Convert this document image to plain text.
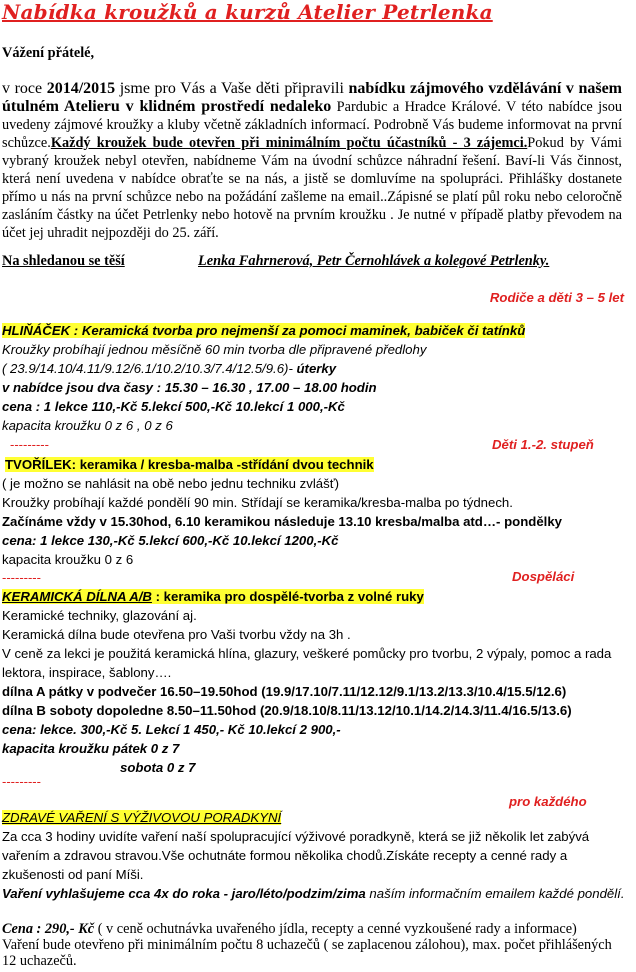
Nabídka kroužků a kurzů Atelier Petrlenka
Vážení přátelé,
v roce 2014/2015 jsme pro Vás a Vaše děti připravili nabídku zájmového vzdělávání v našem útulném Atelieru v klidném prostředí nedaleko Pardubic a Hradce Králové. V této nabídce jsou uvedeny zájmové kroužky a kluby včetně základních informací. Podrobně Vás budeme informovat na první schůzce.Každý kroužek bude otevřen při minimálním počtu účastníků - 3 zájemci.Pokud by Vámi vybraný kroužek nebyl otevřen, nabídneme Vám na úvodní schůzce náhradní řešení. Baví-li Vás činnost, která není uvedena v nabídce obraťte se na nás, a jistě se domluvíme na spolupráci. Přihlášky dostanete přímo u nás na první schůzce nebo na požádání zašleme na email..Zápisné se platí půl roku nebo celoročně zasláním částky na účet Petrlenky nebo hotově na prvním kroužku . Je nutné v případě platby převodem na účet jej uhradit nejpozději do 25. září.
Na shledanou se těší	Lenka Fahrnerová, Petr Černohlávek a kolegové Petrlenky.
Rodiče a děti 3 – 5 let
HLIŇÁČEK : Keramická tvorba pro nejmenší za pomoci maminek, babiček či tatínků
Kroužky probíhají jednou měsíčně 60 min tvorba dle připravené předlohy
( 23.9/14.10/4.11/9.12/6.1/10.2/10.3/7.4/12.5/9.6)- úterky
v nabídce jsou dva časy : 15.30 – 16.30 , 17.00 – 18.00 hodin
cena : 1 lekce 110,-Kč 5.lekcí 500,-Kč 10.lekcí 1 000,-Kč
kapacita kroužku 0 z 6 , 0 z 6
---------	Děti 1.-2. stupeň
TVOŘÍLEK: keramika / kresba-malba -střídání dvou technik
( je možno se nahlásit na obě nebo jednu techniku zvlášť)
Kroužky probíhají každé pondělí 90 min. Střídají se keramika/kresba-malba po týdnech.
Začínáme vždy v 15.30hod, 6.10 keramikou následuje 13.10 kresba/malba atd…- pondělky
cena: 1 lekce 130,-Kč 5.lekcí 600,-Kč 10.lekcí 1200,-Kč
kapacita kroužku 0 z 6
---------	Dospěláci
KERAMICKÁ DÍLNA A/B : keramika pro dospělé-tvorba z volné ruky
Keramické techniky, glazování aj.
Keramická dílna bude otevřena pro Vaši tvorbu vždy na 3h .
V ceně za lekci je použitá keramická hlína, glazury, veškeré pomůcky pro tvorbu, 2 výpaly, pomoc a rada lektora, inspirace, šablony….
dílna A pátky v podvečer 16.50–19.50hod (19.9/17.10/7.11/12.12/9.1/13.2/13.3/10.4/15.5/12.6)
dílna B soboty dopoledne 8.50–11.50hod (20.9/18.10/8.11/13.12/10.1/14.2/14.3/11.4/16.5/13.6)
cena: lekce. 300,-Kč 5. Lekcí 1 450,- Kč 10.lekcí 2 900,-
kapacita kroužku pátek 0 z 7
sobota 0 z 7
---------
pro každého
ZDRAVÉ VAŘENÍ S VÝŽIVOVOU PORADKYNÍ
Za cca 3 hodiny uvidíte vaření naší spolupracující výživové poradkyně, která se již několik let zabývá vařením a zdravou stravou.Vše ochutnáte formou několika chodů.Získáte recepty a cenné rady a zkušenosti od paní Míši.
Vaření vyhlašujeme cca 4x do roka - jaro/léto/podzim/zima naším informačním emailem každé pondělí.
Cena : 290,- Kč ( v ceně ochutnávka uvařeného jídla, recepty a cenné vyzkoušené rady a informace)
Vaření bude otevřeno při minimálním počtu 8 uchazečů ( se zaplacenou zálohou), max. počet přihlášených 12 uchazečů.
